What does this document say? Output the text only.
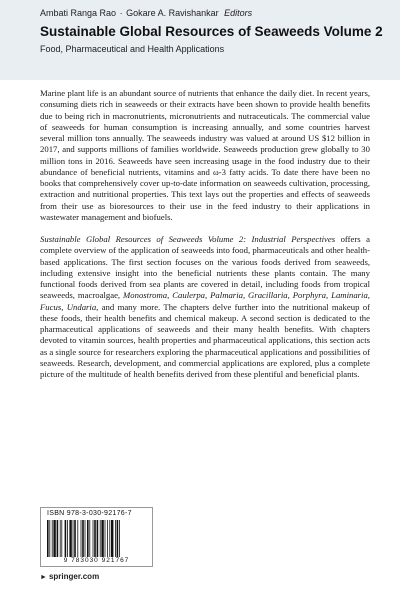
Ambati Ranga Rao · Gokare A. Ravishankar Editors
Sustainable Global Resources of Seaweeds Volume 2
Food, Pharmaceutical and Health Applications

Marine plant life is an abundant source of nutrients that enhance the daily diet. In recent years, consuming diets rich in seaweeds or their extracts have been shown to provide health benefits due to being rich in macronutrients, micronutrients and nutraceuticals. The commercial value of seaweeds for human consumption is increasing annually, and some countries harvest several million tons annually. The seaweeds industry was valued at around US $12 billion in 2017, and supports millions of families worldwide. Seaweeds production grew globally to 30 million tons in 2016. Seaweeds have seen increasing usage in the food industry due to their abundance of beneficial nutrients, vitamins and ω-3 fatty acids. To date there have been no books that comprehensively cover up-to-date information on seaweeds cultivation, processing, extraction and nutritional properties. This text lays out the properties and effects of seaweeds from their use as bioresources to their use in the feed industry to their applications in wastewater management and biofuels.

Sustainable Global Resources of Seaweeds Volume 2: Industrial Perspectives offers a complete overview of the application of seaweeds into food, pharmaceuticals and other health-based applications. The first section focuses on the various foods derived from seaweeds, including extensive insight into the beneficial nutrients these plants contain. The many functional foods derived from sea plants are covered in detail, including foods from tropical seaweeds, macroalgae, Monostroma, Caulerpa, Palmaria, Gracillaria, Porphyra, Laminaria, Fucus, Undaria, and many more. The chapters delve further into the nutritional makeup of these foods, their health benefits and chemical makeup. A second section is dedicated to the pharmaceutical applications of seaweeds and their many health benefits. With chapters devoted to vitamin sources, health properties and pharmaceutical applications, this section acts as a single source for researchers exploring the pharmaceutical applications and possibilities of seaweeds. Research, development, and commercial applications are explored, plus a complete picture of the multitude of health benefits derived from these plentiful and beneficial plants.

ISBN 978-3-030-92176-7
9 783030 921767
► springer.com
